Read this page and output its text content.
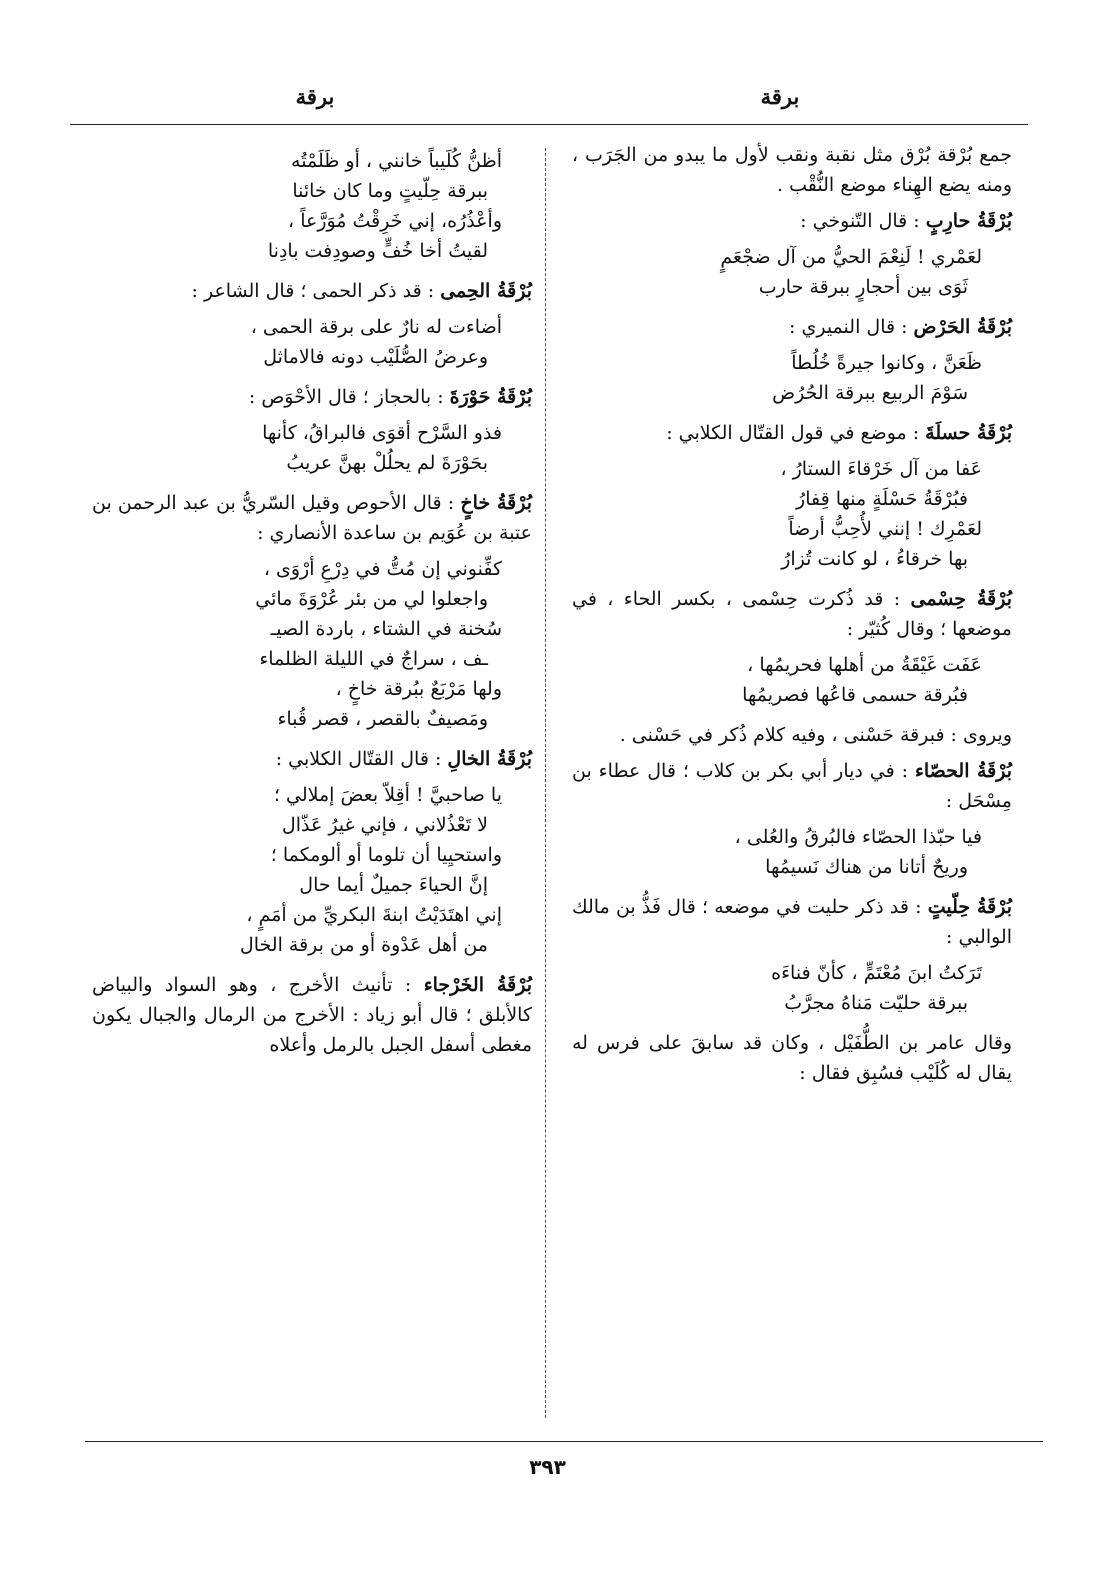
برقة
برقة

جمع بُرْقة بُرْق مثل نقبة ونقب لأول ما يبدو من الجَرَب ، ومنه يضع الهِناء موضع النُّقْب .

بُرْقَةُ حارِبٍ : قال التّنوخي :

لعَمْري ! لَنِعْمَ الحيُّ من آل ضجْعَمٍ
ثَوَى بين أحجارٍ ببرقة حارب

بُرْقَةُ الحَرْض : قال النميري :

ظَعَنَّ ، وكانوا جيرةً خُلُطاً
سَوْمَ الربيع ببرقة الحُرُض

بُرْقَةُ حسلَةَ : موضع في قول القتّال الكلابي :

عَفا من آل خَرْقاءَ الستارُ ،
فبُرْقَةُ حَسْلَةٍ منها قِفارُ
لعَمْرِك ! إنني لأُحِبُّ أرضاً
بها خرقاءُ ، لو كانت تُزارُ

بُرْقَةُ حِسْمى : قد ذُكرت حِسْمى ، بكسر الحاء ، في موضعها ؛ وقال كُثيّر :

عَفَت غَيْقَةُ من أهلها فحريمُها ،
فبُرقة حسمى قاعُها فصريمُها

ويروى : فبرقة حَسْنى ، وفيه كلام ذُكر في حَسْنى .

بُرْقَةُ الحصّاء : في ديار أبي بكر بن كلاب ؛ قال عطاء بن مِسْحَل :

فيا حبّذا الحصّاء فالبُرقُ والعُلى ،
وريحٌ أتانا من هناك نَسيمُها

بُرْقَةُ حِلّيتٍ : قد ذكر حليت في موضعه ؛ قال فَذُّ بن مالك الوالبي :

تَرَكتُ ابنَ مُعْتَمٍّ ، كأنّ فناءَه
ببرقة حليّت مَناهُ مجرَّبُ

وقال عامر بن الطُّفَيْل ، وكان قد سابقَ على فرس له يقال له كُلَيْب فسُبِق فقال :

أظنُّ كُلَيباً خانني ، أو ظَلَمْتُه
ببرقة حِلّيتٍ وما كان خائنا
وأعْذُرُه، إني خَرِقْتُ مُوَرَّعاً ،
لقيتُ أخا خُفٍّ وصودِفت بادِنا

بُرْقَةُ الحِمى : قد ذكر الحمى ؛ قال الشاعر :

أضاءت له نارٌ على برقة الحمى ،
وعرضُ الصُّلَيْب دونه فالاماثل

بُرْقَةُ حَوْرَةَ : بالحجاز ؛ قال الأحْوَص :

فذو السَّرْح أقوَى فالبراقُ، كأنها
بحَوْرَةَ لم يحلُلْ بهنَّ عريبُ

بُرْقَةُ خاخٍ : قال الأحوص وقيل السّريُّ بن عبد الرحمن بن عتبة بن عُوَيم بن ساعدة الأنصاري :

كفِّنوني إن مُتُّ في دِرْعِ أرْوَى ،
واجعلوا لي من بئر عُرْوَةَ مائي
سُخنة في الشتاء ، باردة الصيـ
ـف ، سراجٌ في الليلة الظلماء
ولها مَرْبَعٌ ببُرقة خاخٍ ،
ومَصيفٌ بالقصر ، قصر قُباء

بُرْقَةُ الخالِ : قال القتّال الكلابي :

يا صاحبيَّ ! أقِلاّ بعضَ إملالي ؛
لا تَعْذُلاني ، فإني غيرُ عَذّال
واستحيِيا أن تلوما أو ألومكما ؛
إنَّ الحياءَ جميلٌ أيما حال
إني اهتَدَيْتُ ابنةَ البكريِّ من أمَمٍ ،
من أهل عَدْوة أو من برقة الخال

بُرْقَةُ الخَرْجاء : تأنيث الأخرج ، وهو السواد والبياض كالأبلق ؛ قال أبو زياد : الأخرج من الرمال والجبال يكون مغطى أسفل الجبل بالرمل وأعلاه

٣٩٣
